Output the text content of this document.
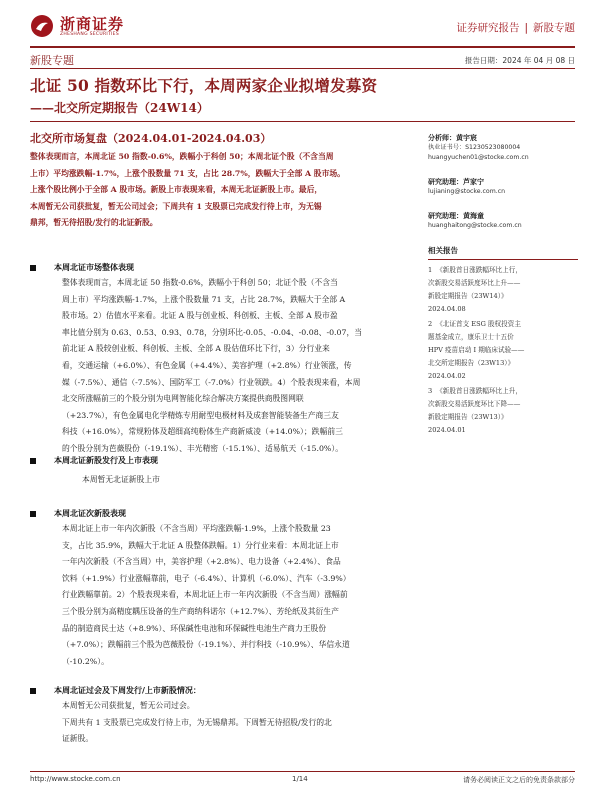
浙商证券
ZHESHANG SECURITIES	证券研究报告 | 新股专题
新股专题	报告日期：2024 年 04 月 08 日
北证 50 指数环比下行，本周两家企业拟增发募资
——北交所定期报告（24W14）
北交所市场复盘（2024.04.01-2024.04.03）
整体表现而言，本周北证 50 指数-0.6%，跌幅小于科创 50；本周北证个股（不含当周
上市）平均涨跌幅-1.7%，上涨个股数量 71 支，占比 28.7%，跌幅大于全部 A 股市场。
上涨个股比例小于全部 A 股市场。新股上市表现来看，本周无北证新股上市。最后，
本周暂无公司获批复，暂无公司过会；下周共有 1 支股票已完成发行待上市，为无锡
鼎邦，暂无待招股/发行的北证新股。
分析师：黄宇宸
执业证书号：S1230523080004
huangyuchen01@stocke.com.cn
研究助理：芦家宁
lujianing@stocke.com.cn
研究助理：黄海童
huanghaitong@stocke.com.cn
相关报告
1 《新股首日涨跌幅环比上行，
次新股交易活跃度环比上升——
新股定期报告（23W14）》
2024.04.08
2 《北证首支 ESG 股权投资主
题基金成立，康乐卫士十五价
HPV 疫苗启动 I 期临床试验——
北交所定期报告（23W13）》
2024.04.02
3 《新股首日涨跌幅环比上升，
次新股交易活跃度环比下降——
新股定期报告（23W13）》
2024.04.01
本周北证市场整体表现
整体表现而言，本周北证 50 指数-0.6%，跌幅小于科创 50；北证个股（不含当
周上市）平均涨跌幅-1.7%，上涨个股数量 71 支，占比 28.7%，跌幅大于全部 A
股市场。2）估值水平来看。北证 A 股与创业板、科创板、主板、全部 A 股市盈
率比值分别为 0.63、0.53、0.93、0.78，分别环比-0.05、-0.04、-0.08、-0.07，当
前北证 A 股较创业板、科创板、主板、全部 A 股估值环比下行，3）分行业来
看，交通运输（+6.0%）、有色金属（+4.4%）、美容护理（+2.8%）行业领涨，传
媒（-7.5%）、通信（-7.5%）、国防军工（-7.0%）行业领跌。4）个股表现来看，本周
北交所涨幅前三的个股分别为电网智能化综合解决方案提供商殷图网联
（+23.7%），有色金属电化学精炼专用耐型电极材料及成套智能装备生产商三友
科技（+16.0%），常规粉体及超细高纯粉体生产商新威凌（+14.0%）；跌幅前三
的个股分别为芭薇股份（-19.1%）、丰光精密（-15.1%）、适易航天（-15.0%）。
本周北证新股发行及上市表现
本周暂无北证新股上市
本周北证次新股表现
本周北证上市一年内次新股（不含当周）平均涨跌幅-1.9%，上涨个股数量 23
支，占比 35.9%，跌幅大于北证 A 股整体跌幅。1）分行业来看：本周北证上市
一年内次新股（不含当周）中，美容护理（+2.8%）、电力设备（+2.4%）、食品
饮料（+1.9%）行业涨幅靠前，电子（-6.4%）、计算机（-6.0%）、汽车（-3.9%）
行业跌幅靠前。2）个股表现来看，本周北证上市一年内次新股（不含当周）涨幅前
三个股分别为高精度耦压设备的生产商纳科诺尔（+12.7%）、芳纶纸及其衍生产
品的制造商民士达（+8.9%）、环保碱性电池和环保碱性电池生产商力王股份
（+7.0%）；跌幅前三个股为芭薇股份（-19.1%）、并行科技（-10.9%）、华信永道
（-10.2%）。
本周北证过会及下周发行/上市新股情况：
本周暂无公司获批复，暂无公司过会。
下周共有 1 支股票已完成发行待上市，为无锡鼎邦。下周暂无待招股/发行的北
证新股。
http://www.stocke.com.cn	1/14	请务必阅读正文之后的免责条款部分
